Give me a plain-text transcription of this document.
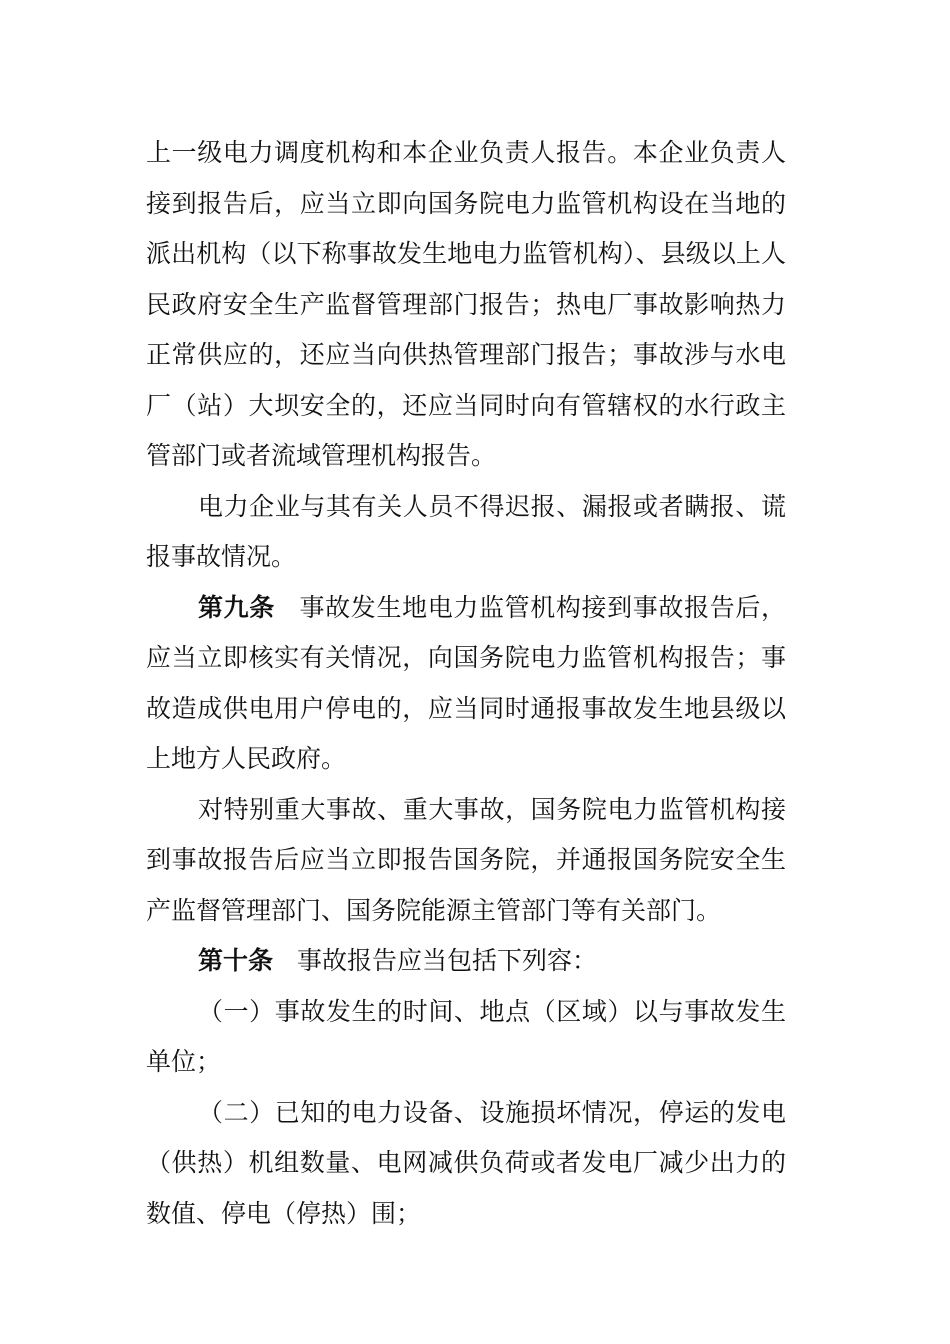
上一级电力调度机构和本企业负责人报告。本企业负责人接到报告后，应当立即向国务院电力监管机构设在当地的派出机构（以下称事故发生地电力监管机构）、县级以上人民政府安全生产监督管理部门报告；热电厂事故影响热力正常供应的，还应当向供热管理部门报告；事故涉与水电厂（站）大坝安全的，还应当同时向有管辖权的水行政主管部门或者流域管理机构报告。

电力企业与其有关人员不得迟报、漏报或者瞒报、谎报事故情况。

第九条 事故发生地电力监管机构接到事故报告后，应当立即核实有关情况，向国务院电力监管机构报告；事故造成供电用户停电的，应当同时通报事故发生地县级以上地方人民政府。

对特别重大事故、重大事故，国务院电力监管机构接到事故报告后应当立即报告国务院，并通报国务院安全生产监督管理部门、国务院能源主管部门等有关部门。

第十条 事故报告应当包括下列容：

（一）事故发生的时间、地点（区域）以与事故发生单位；

（二）已知的电力设备、设施损坏情况，停运的发电（供热）机组数量、电网减供负荷或者发电厂减少出力的数值、停电（停热）围；
